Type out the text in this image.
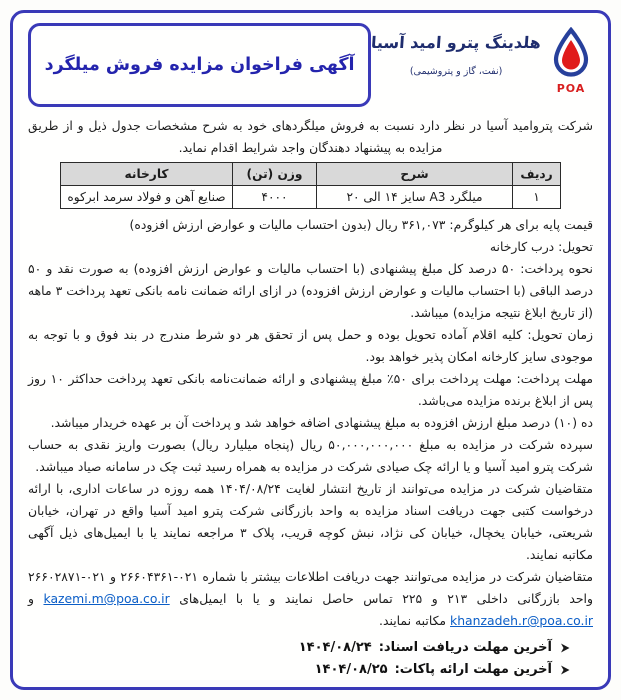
POA
هلدینگ پترو امید آسیا
(نفت، گاز و پتروشیمی)
آگهی فراخوان مزایده فروش میلگرد

شرکت پتروامید آسیا در نظر دارد نسبت به فروش میلگردهای خود به شرح مشخصات جدول ذیل و از طریق مزایده به پیشنهاد دهندگان واجد شرایط اقدام نماید.

ردیف	شرح	وزن (تن)	کارخانه
۱	میلگرد A3 سایز ۱۴ الی ۲۰	۴۰۰۰	صنایع آهن و فولاد سرمد ابرکوه

قیمت پایه برای هر کیلوگرم: ۳۶۱,۰۷۳ ریال (بدون احتساب مالیات و عوارض ارزش افزوده)

تحویل: درب کارخانه

نحوه پرداخت: ۵۰ درصد کل مبلغ پیشنهادی (با احتساب مالیات و عوارض ارزش افزوده) به صورت نقد و ۵۰ درصد الباقی (با احتساب مالیات و عوارض ارزش افزوده) در ازای ارائه ضمانت نامه بانکی تعهد پرداخت ۳ ماهه (از تاریخ ابلاغ نتیجه مزایده) میباشد.

زمان تحویل: کلیه اقلام آماده تحویل بوده و حمل پس از تحقق هر دو شرط مندرج در بند فوق و با توجه به موجودی سایز کارخانه امکان پذیر خواهد بود.

مهلت پرداخت: مهلت پرداخت برای ۵۰٪ مبلغ پیشنهادی و ارائه ضمانت‌نامه بانکی تعهد پرداخت حداکثر ۱۰ روز پس از ابلاغ برنده مزایده می‌باشد.

ده (۱۰) درصد مبلغ ارزش افزوده به مبلغ پیشنهادی اضافه خواهد شد و پرداخت آن بر عهده خریدار میباشد.

سپرده شرکت در مزایده به مبلغ ۵۰,۰۰۰,۰۰۰,۰۰۰ ریال (پنجاه میلیارد ریال) بصورت واریز نقدی به حساب شرکت پترو امید آسیا و یا ارائه چک صیادی شرکت در مزایده به همراه رسید ثبت چک در سامانه صیاد میباشد.

متقاضیان شرکت در مزایده می‌توانند از تاریخ انتشار لغایت ۱۴۰۴/۰۸/۲۴ همه روزه در ساعات اداری، با ارائه درخواست کتبی جهت دریافت اسناد مزایده به واحد بازرگانی شرکت پترو امید آسیا واقع در تهران، خیابان شریعتی، خیابان یخچال، خیابان کی نژاد، نبش کوچه قریب، پلاک ۳ مراجعه نمایند یا با ایمیل‌های ذیل آگهی مکاتبه نمایند.

متقاضیان شرکت در مزایده می‌توانند جهت دریافت اطلاعات بیشتر با شماره ۰۲۱-۲۶۶۰۴۳۶۱ و ۰۲۱-۲۶۶۰۲۸۷۱ واحد بازرگانی داخلی ۲۱۳ و ۲۲۵ تماس حاصل نمایند و یا با ایمیل‌های kazemi.m@poa.co.ir و khanzadeh.r@poa.co.ir مکاتبه نمایند.

آخرین مهلت دریافت اسناد:
۱۴۰۴/۰۸/۲۴
آخرین مهلت ارائه پاکات:
۱۴۰۴/۰۸/۲۵
